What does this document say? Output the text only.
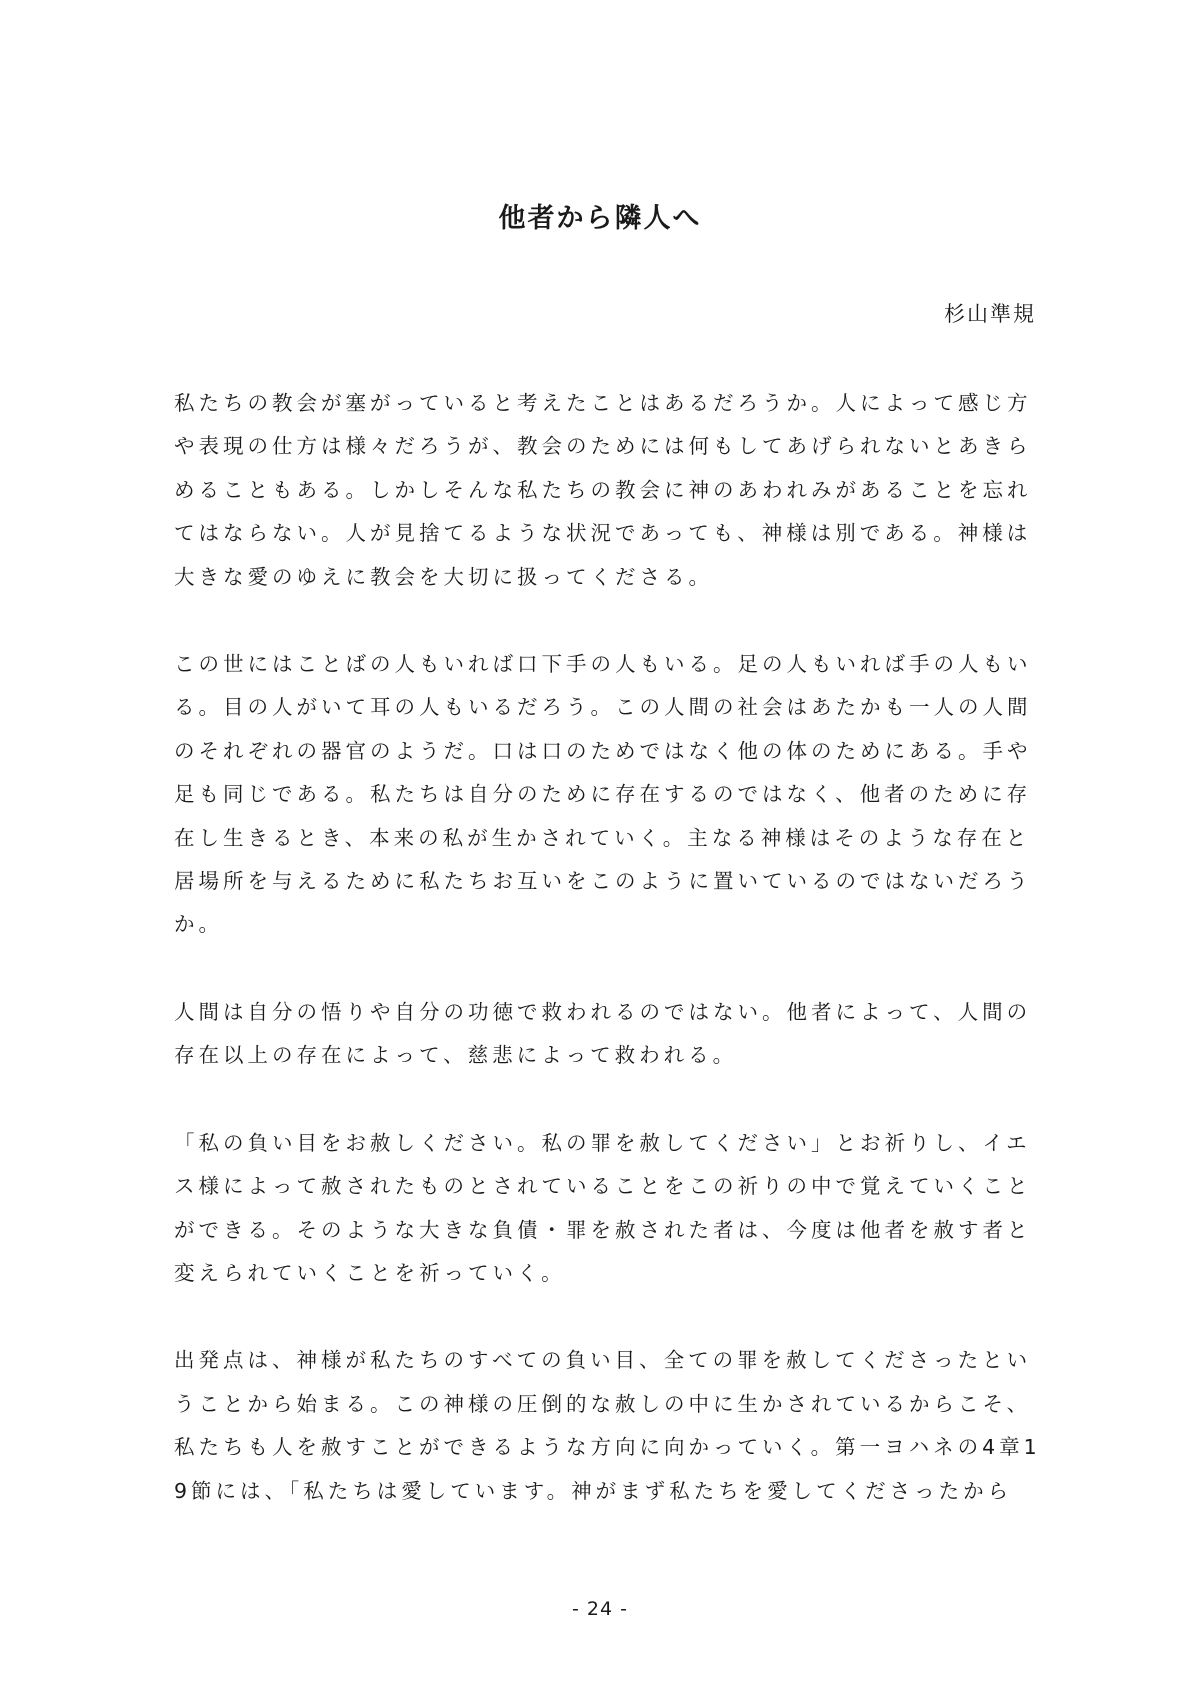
他者から隣人へ

杉山準規

私たちの教会が塞がっていると考えたことはあるだろうか。人によって感じ方
や表現の仕方は様々だろうが、教会のためには何もしてあげられないとあきら
めることもある。しかしそんな私たちの教会に神のあわれみがあることを忘れ
てはならない。人が見捨てるような状況であっても、神様は別である。神様は
大きな愛のゆえに教会を大切に扱ってくださる。

この世にはことばの人もいれば口下手の人もいる。足の人もいれば手の人もい
る。目の人がいて耳の人もいるだろう。この人間の社会はあたかも一人の人間
のそれぞれの器官のようだ。口は口のためではなく他の体のためにある。手や
足も同じである。私たちは自分のために存在するのではなく、他者のために存
在し生きるとき、本来の私が生かされていく。主なる神様はそのような存在と
居場所を与えるために私たちお互いをこのように置いているのではないだろう
か。

人間は自分の悟りや自分の功徳で救われるのではない。他者によって、人間の
存在以上の存在によって、慈悲によって救われる。

「私の負い目をお赦しください。私の罪を赦してください」とお祈りし、イエ
ス様によって赦されたものとされていることをこの祈りの中で覚えていくこと
ができる。そのような大きな負債・罪を赦された者は、今度は他者を赦す者と
変えられていくことを祈っていく。

出発点は、神様が私たちのすべての負い目、全ての罪を赦してくださったとい
うことから始まる。この神様の圧倒的な赦しの中に生かされているからこそ、
私たちも人を赦すことができるような方向に向かっていく。第一ヨハネの4章1
9節には、「私たちは愛しています。神がまず私たちを愛してくださったから

- 24 -
